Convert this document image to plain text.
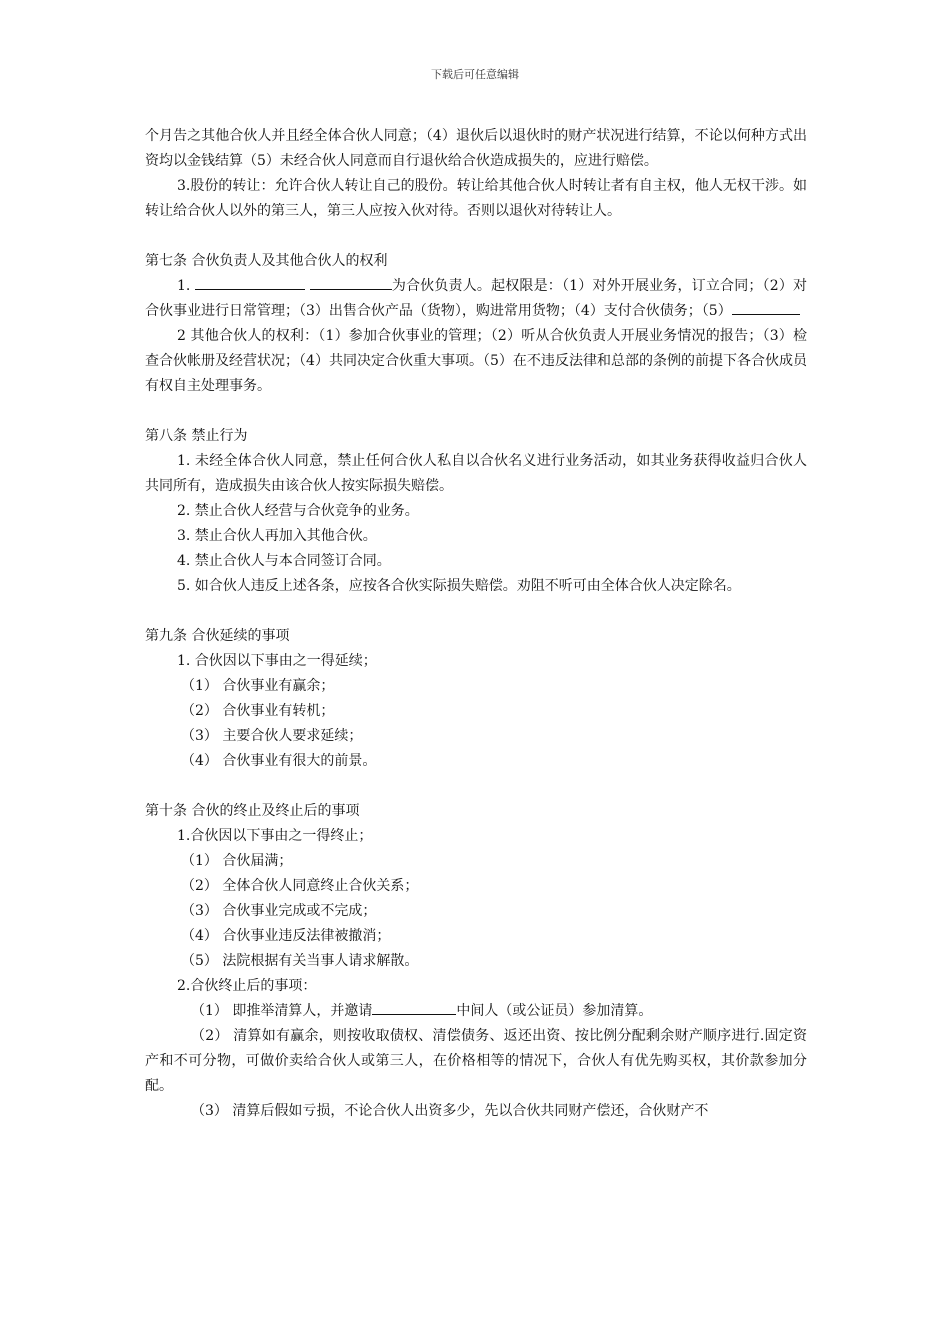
下载后可任意编辑

个月告之其他合伙人并且经全体合伙人同意；（4）退伙后以退伙时的财产状况进行结算，不论以何种方式出资均以金钱结算（5）未经合伙人同意而自行退伙给合伙造成损失的，应进行赔偿。

3.股份的转让：允许合伙人转让自己的股份。转让给其他合伙人时转让者有自主权，他人无权干涉。如转让给合伙人以外的第三人，第三人应按入伙对待。否则以退伙对待转让人。

第七条 合伙负责人及其他合伙人的权利

1.	为合伙负责人。起权限是：（1）对外开展业务，订立合同；（2）对合伙事业进行日常管理；（3）出售合伙产品（货物），购进常用货物；（4）支付合伙债务；（5）

2 其他合伙人的权利：（1）参加合伙事业的管理；（2）听从合伙负责人开展业务情况的报告；（3）检查合伙帐册及经营状况；（4）共同决定合伙重大事项。（5）在不违反法律和总部的条例的前提下各合伙成员有权自主处理事务。

第八条 禁止行为

1. 未经全体合伙人同意，禁止任何合伙人私自以合伙名义进行业务活动，如其业务获得收益归合伙人共同所有，造成损失由该合伙人按实际损失赔偿。

2. 禁止合伙人经营与合伙竞争的业务。

3. 禁止合伙人再加入其他合伙。

4. 禁止合伙人与本合同签订合同。

5. 如合伙人违反上述各条，应按各合伙实际损失赔偿。劝阻不听可由全体合伙人决定除名。

第九条 合伙延续的事项

1. 合伙因以下事由之一得延续；

（1） 合伙事业有赢余；

（2） 合伙事业有转机；

（3） 主要合伙人要求延续；

（4） 合伙事业有很大的前景。

第十条 合伙的终止及终止后的事项

1.合伙因以下事由之一得终止；

（1） 合伙届满；

（2） 全体合伙人同意终止合伙关系；

（3） 合伙事业完成或不完成；

（4） 合伙事业违反法律被撤消；

（5） 法院根据有关当事人请求解散。

2.合伙终止后的事项：

（1） 即推举清算人，并邀请	中间人（或公证员）参加清算。

（2） 清算如有赢余，则按收取债权、清偿债务、返还出资、按比例分配剩余财产顺序进行.固定资产和不可分物，可做价卖给合伙人或第三人，在价格相等的情况下，合伙人有优先购买权，其价款参加分配。

（3） 清算后假如亏损，不论合伙人出资多少，先以合伙共同财产偿还，合伙财产不
